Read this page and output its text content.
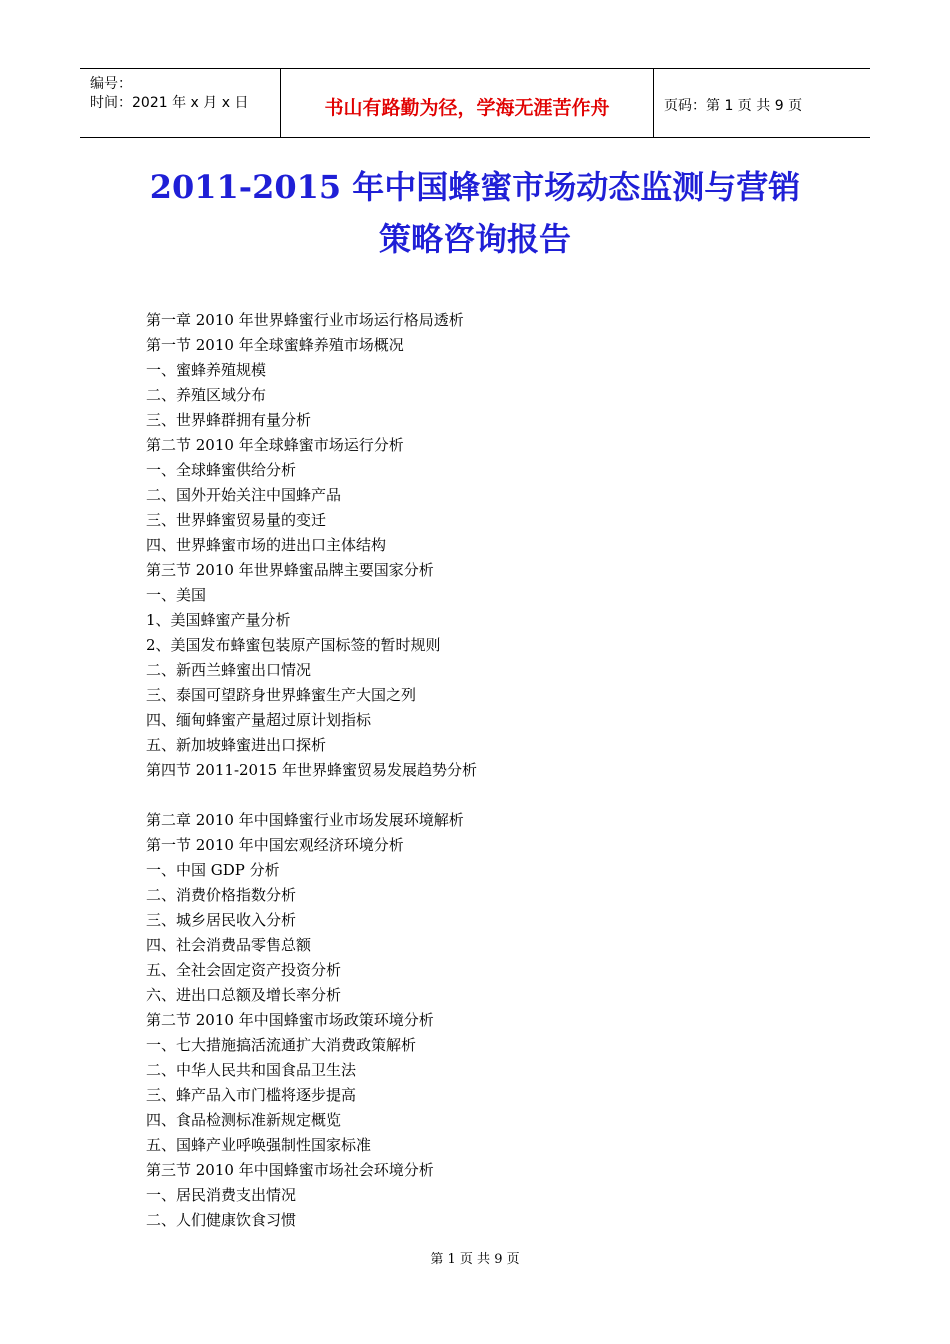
编号：
时间：2021 年 x 月 x 日	书山有路勤为径，学海无涯苦作舟	页码：第 1 页 共 9 页
2011-2015 年中国蜂蜜市场动态监测与营销
策略咨询报告
第一章 2010 年世界蜂蜜行业市场运行格局透析
第一节 2010 年全球蜜蜂养殖市场概况
一、蜜蜂养殖规模
二、养殖区域分布
三、世界蜂群拥有量分析
第二节 2010 年全球蜂蜜市场运行分析
一、全球蜂蜜供给分析
二、国外开始关注中国蜂产品
三、世界蜂蜜贸易量的变迁
四、世界蜂蜜市场的进出口主体结构
第三节 2010 年世界蜂蜜品牌主要国家分析
一、美国
1、美国蜂蜜产量分析
2、美国发布蜂蜜包装原产国标签的暂时规则
二、新西兰蜂蜜出口情况
三、泰国可望跻身世界蜂蜜生产大国之列
四、缅甸蜂蜜产量超过原计划指标
五、新加坡蜂蜜进出口探析
第四节 2011-2015 年世界蜂蜜贸易发展趋势分析
第二章 2010 年中国蜂蜜行业市场发展环境解析
第一节 2010 年中国宏观经济环境分析
一、中国 GDP 分析
二、消费价格指数分析
三、城乡居民收入分析
四、社会消费品零售总额
五、全社会固定资产投资分析
六、进出口总额及增长率分析
第二节 2010 年中国蜂蜜市场政策环境分析
一、七大措施搞活流通扩大消费政策解析
二、中华人民共和国食品卫生法
三、蜂产品入市门槛将逐步提高
四、食品检测标准新规定概览
五、国蜂产业呼唤强制性国家标准
第三节 2010 年中国蜂蜜市场社会环境分析
一、居民消费支出情况
二、人们健康饮食习惯
第 1 页 共 9 页
